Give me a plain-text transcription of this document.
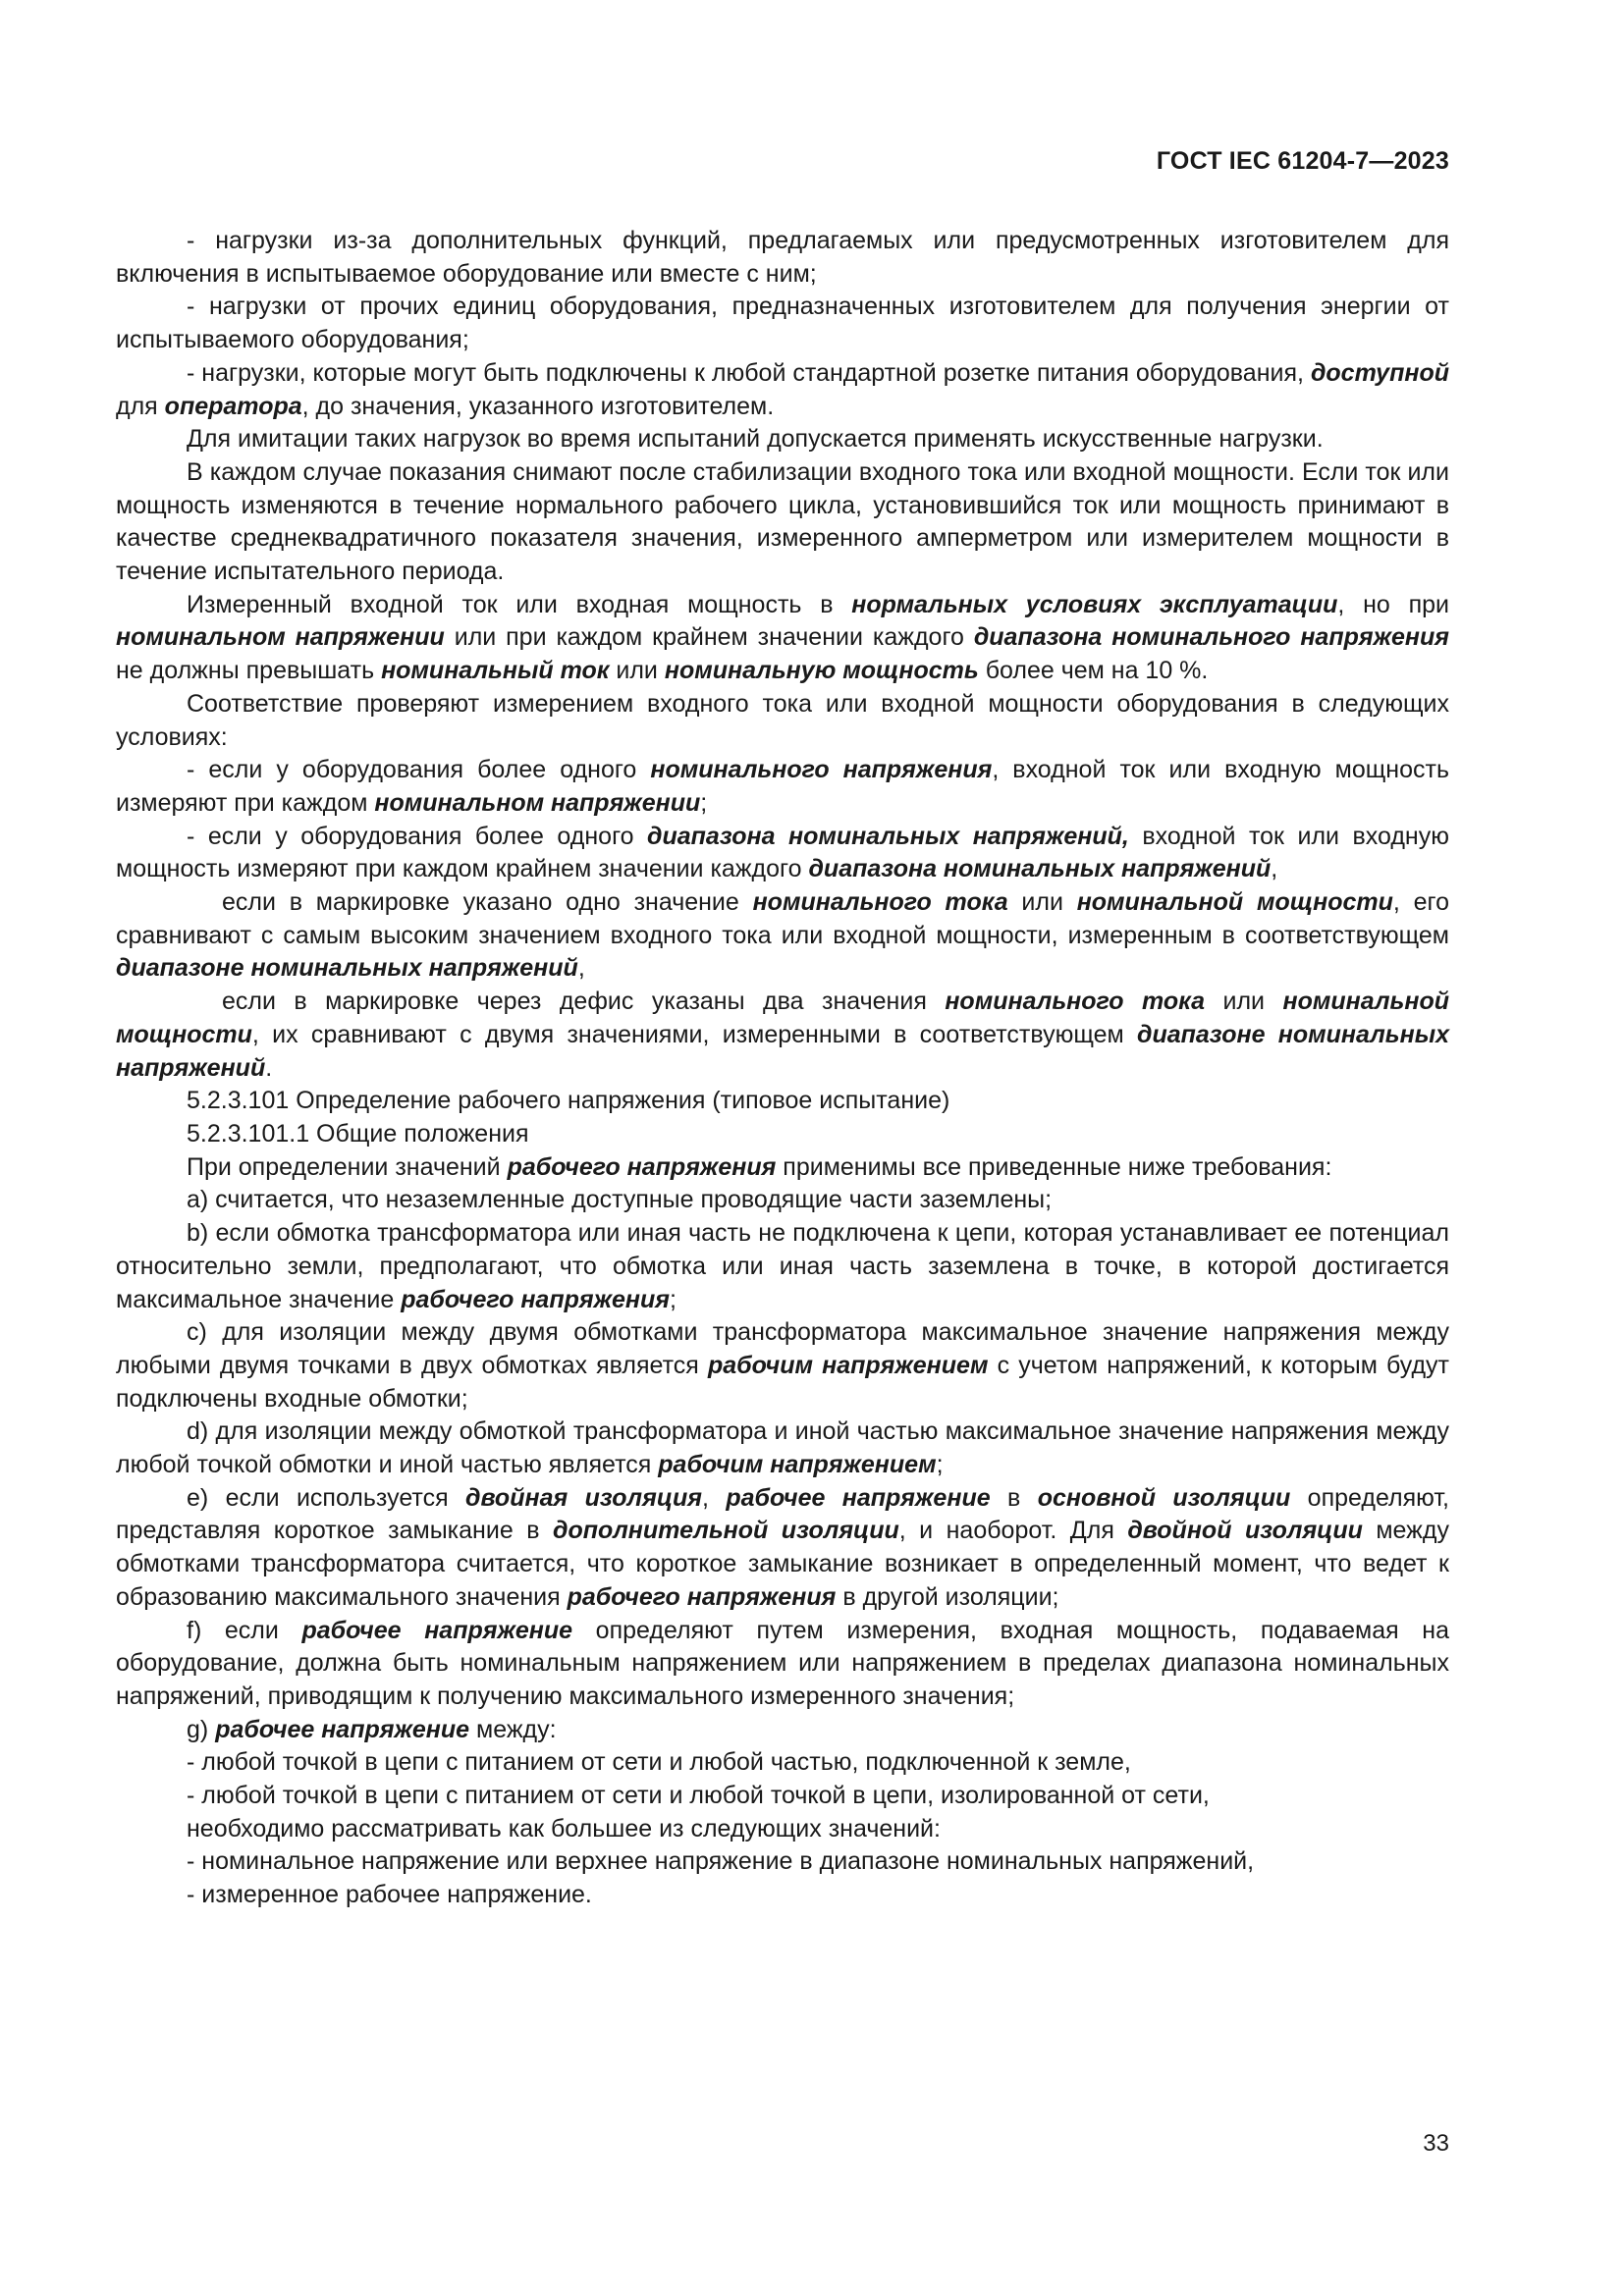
ГОСТ IEC 61204-7—2023

- нагрузки из-за дополнительных функций, предлагаемых или предусмотренных изготовителем для включения в испытываемое оборудование или вместе с ним;

- нагрузки от прочих единиц оборудования, предназначенных изготовителем для получения энергии от испытываемого оборудования;

- нагрузки, которые могут быть подключены к любой стандартной розетке питания оборудования, доступной для оператора, до значения, указанного изготовителем.

Для имитации таких нагрузок во время испытаний допускается применять искусственные нагрузки.

В каждом случае показания снимают после стабилизации входного тока или входной мощности. Если ток или мощность изменяются в течение нормального рабочего цикла, установившийся ток или мощность принимают в качестве среднеквадратичного показателя значения, измеренного амперметром или измерителем мощности в течение испытательного периода.

Измеренный входной ток или входная мощность в нормальных условиях эксплуатации, но при номинальном напряжении или при каждом крайнем значении каждого диапазона номинального напряжения не должны превышать номинальный ток или номинальную мощность более чем на 10 %.

Соответствие проверяют измерением входного тока или входной мощности оборудования в следующих условиях:

- если у оборудования более одного номинального напряжения, входной ток или входную мощность измеряют при каждом номинальном напряжении;

- если у оборудования более одного диапазона номинальных напряжений, входной ток или входную мощность измеряют при каждом крайнем значении каждого диапазона номинальных напряжений,

если в маркировке указано одно значение номинального тока или номинальной мощности, его сравнивают с самым высоким значением входного тока или входной мощности, измеренным в соответствующем диапазоне номинальных напряжений,

если в маркировке через дефис указаны два значения номинального тока или номинальной мощности, их сравнивают с двумя значениями, измеренными в соответствующем диапазоне номинальных напряжений.

5.2.3.101 Определение рабочего напряжения (типовое испытание)

5.2.3.101.1 Общие положения

При определении значений рабочего напряжения применимы все приведенные ниже требования:

a) считается, что незаземленные доступные проводящие части заземлены;

b) если обмотка трансформатора или иная часть не подключена к цепи, которая устанавливает ее потенциал относительно земли, предполагают, что обмотка или иная часть заземлена в точке, в которой достигается максимальное значение рабочего напряжения;

c) для изоляции между двумя обмотками трансформатора максимальное значение напряжения между любыми двумя точками в двух обмотках является рабочим напряжением с учетом напряжений, к которым будут подключены входные обмотки;

d) для изоляции между обмоткой трансформатора и иной частью максимальное значение напряжения между любой точкой обмотки и иной частью является рабочим напряжением;

e) если используется двойная изоляция, рабочее напряжение в основной изоляции определяют, представляя короткое замыкание в дополнительной изоляции, и наоборот. Для двойной изоляции между обмотками трансформатора считается, что короткое замыкание возникает в определенный момент, что ведет к образованию максимального значения рабочего напряжения в другой изоляции;

f) если рабочее напряжение определяют путем измерения, входная мощность, подаваемая на оборудование, должна быть номинальным напряжением или напряжением в пределах диапазона номинальных напряжений, приводящим к получению максимального измеренного значения;

g) рабочее напряжение между:

- любой точкой в цепи с питанием от сети и любой частью, подключенной к земле,

- любой точкой в цепи с питанием от сети и любой точкой в цепи, изолированной от сети,

необходимо рассматривать как большее из следующих значений:

- номинальное напряжение или верхнее напряжение в диапазоне номинальных напряжений,

- измеренное рабочее напряжение.

33
